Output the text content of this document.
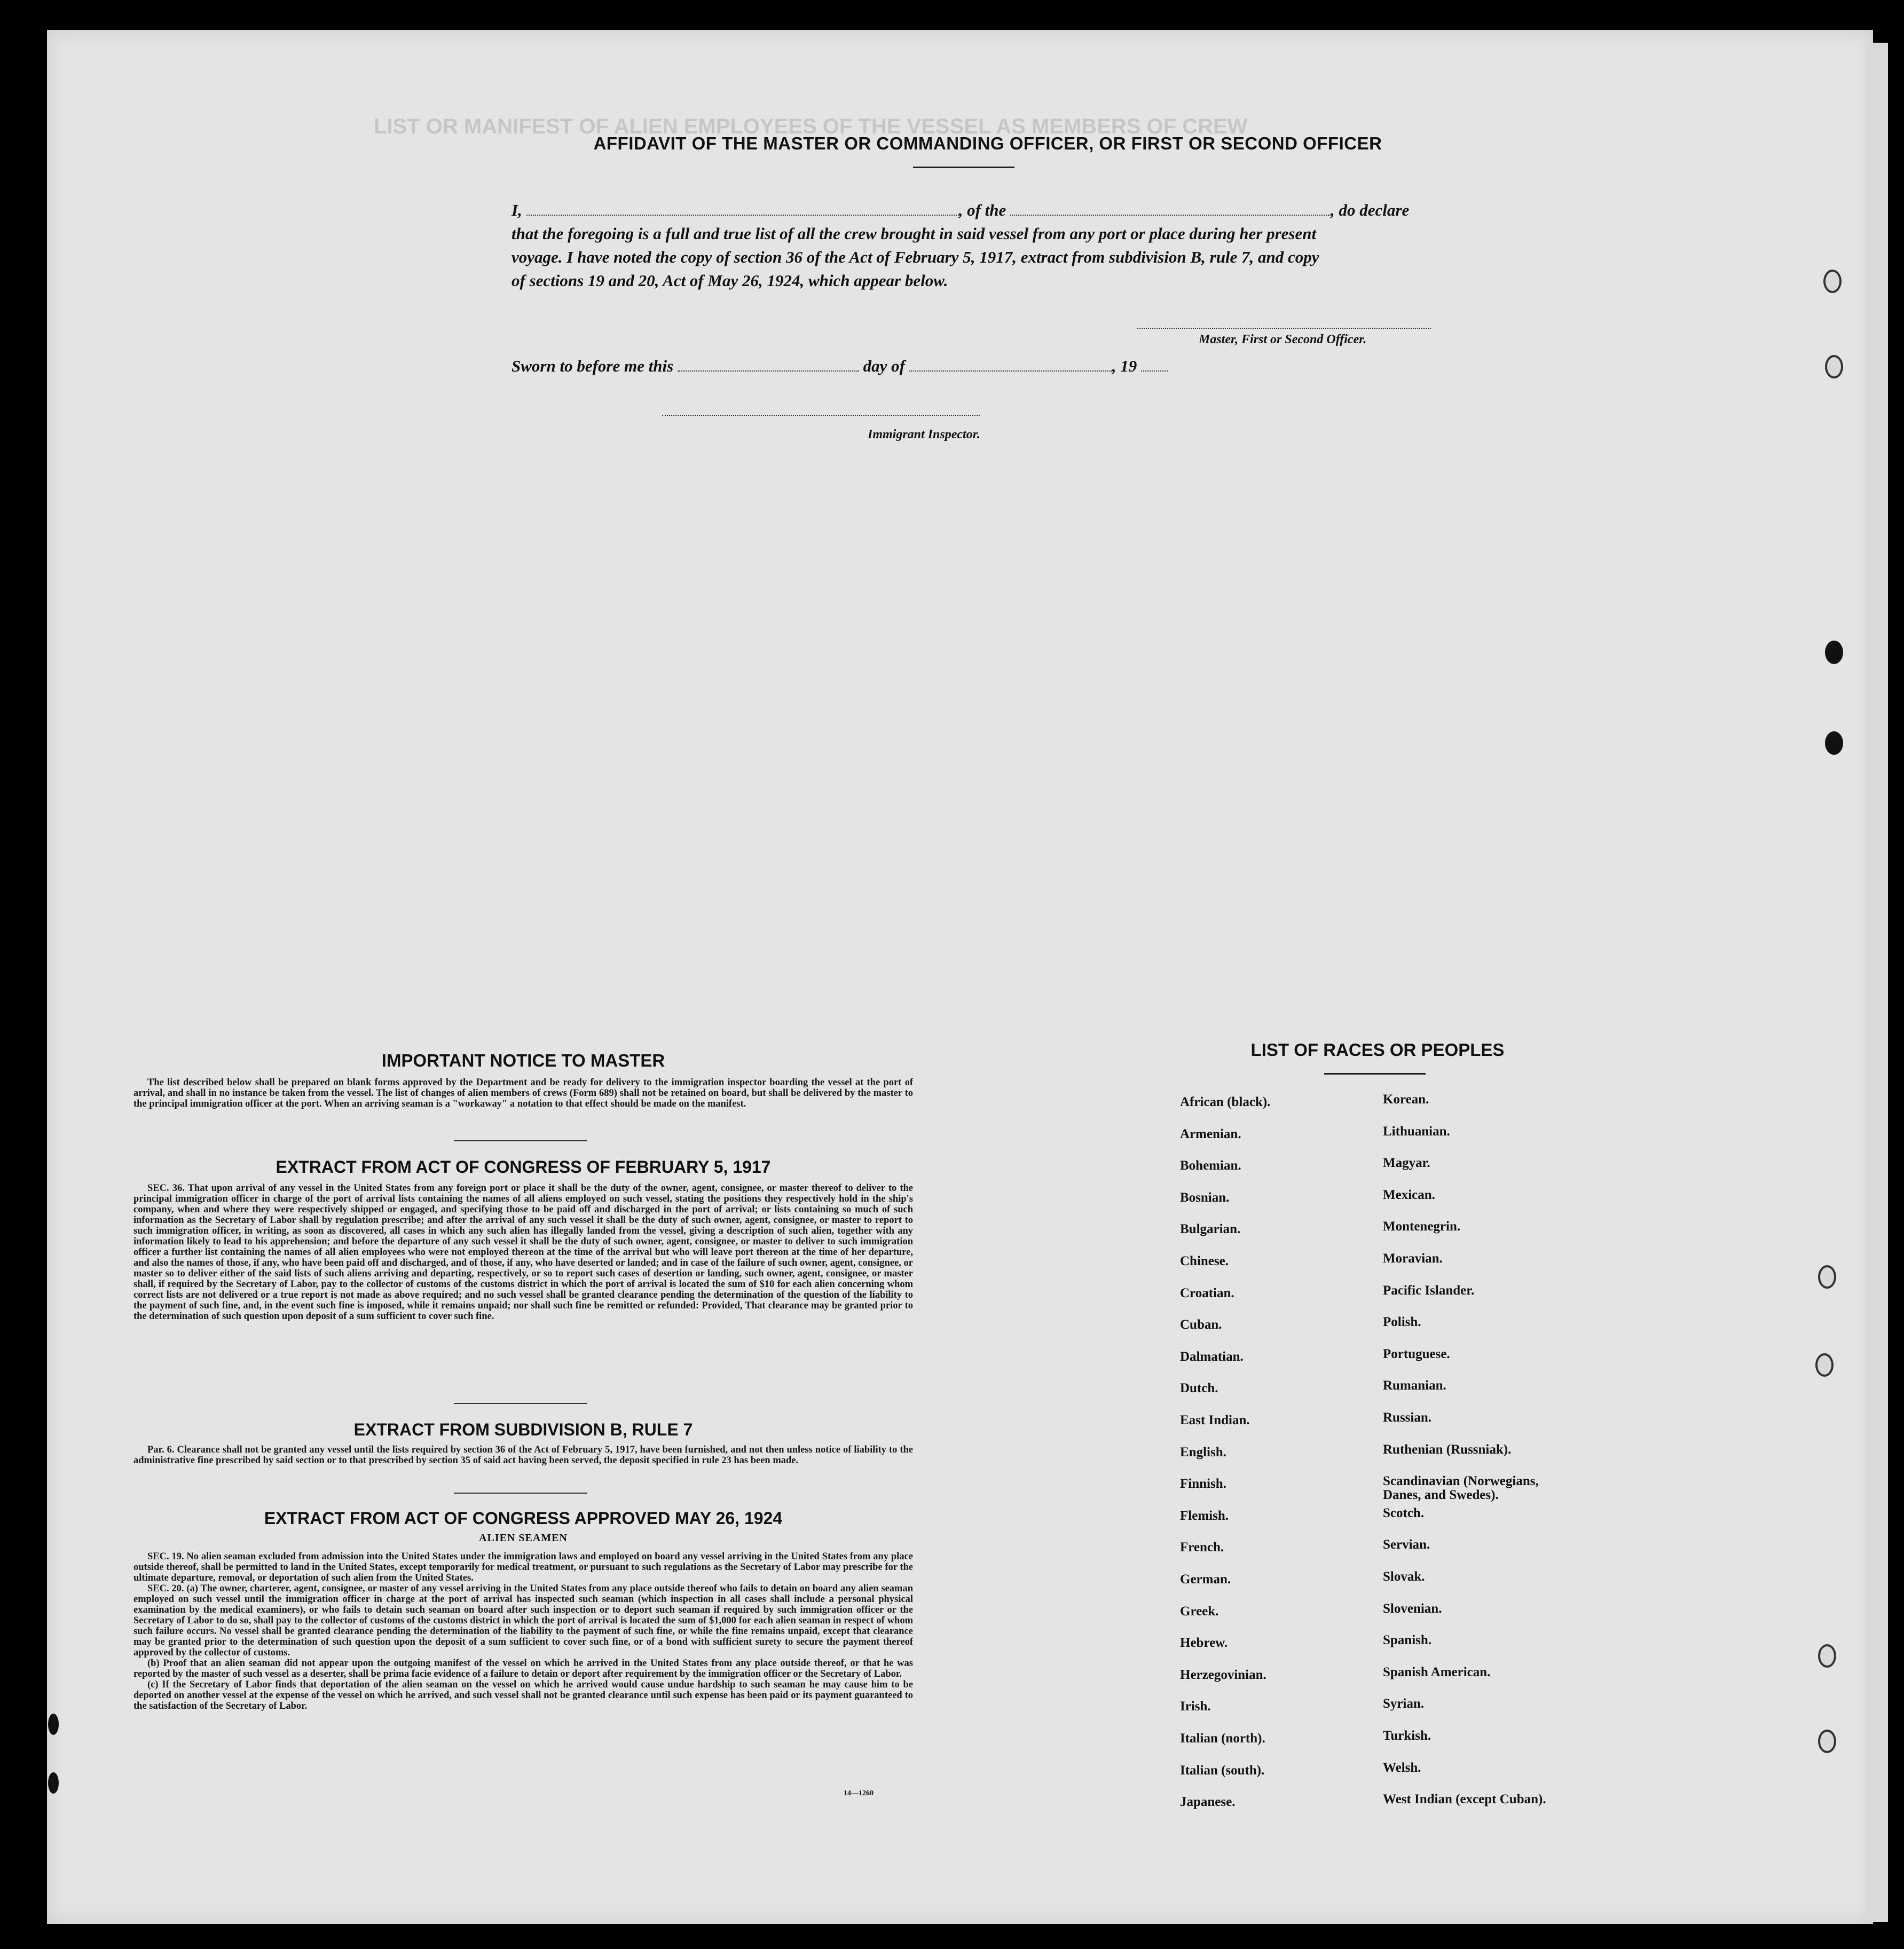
LIST OR MANIFEST OF ALIEN EMPLOYEES OF THE VESSEL AS MEMBERS OF CREW
AFFIDAVIT OF THE MASTER OR COMMANDING OFFICER, OR FIRST OR SECOND OFFICER
I,	, of the	, do declare
that the foregoing is a full and true list of all the crew brought in said vessel from any port or place during her present
voyage. I have noted the copy of section 36 of the Act of February 5, 1917, extract from subdivision B, rule 7, and copy
of sections 19 and 20, Act of May 26, 1924, which appear below.
Master, First or Second Officer.
Sworn to before me this	day of	, 19
Immigrant Inspector.
IMPORTANT NOTICE TO MASTER

The list described below shall be prepared on blank forms approved by the Department and be ready for delivery to the immigration inspector boarding the vessel at the port of arrival, and shall in no instance be taken from the vessel. The list of changes of alien members of crews (Form 689) shall not be retained on board, but shall be delivered by the master to the principal immigration officer at the port. When an arriving seaman is a "workaway" a notation to that effect should be made on the manifest.

EXTRACT FROM ACT OF CONGRESS OF FEBRUARY 5, 1917

SEC. 36. That upon arrival of any vessel in the United States from any foreign port or place it shall be the duty of the owner, agent, consignee, or master thereof to deliver to the principal immigration officer in charge of the port of arrival lists containing the names of all aliens employed on such vessel, stating the positions they respectively hold in the ship's company, when and where they were respectively shipped or engaged, and specifying those to be paid off and discharged in the port of arrival; or lists containing so much of such information as the Secretary of Labor shall by regulation prescribe; and after the arrival of any such vessel it shall be the duty of such owner, agent, consignee, or master to report to such immigration officer, in writing, as soon as discovered, all cases in which any such alien has illegally landed from the vessel, giving a description of such alien, together with any information likely to lead to his apprehension; and before the departure of any such vessel it shall be the duty of such owner, agent, consignee, or master to deliver to such immigration officer a further list containing the names of all alien employees who were not employed thereon at the time of the arrival but who will leave port thereon at the time of her departure, and also the names of those, if any, who have been paid off and discharged, and of those, if any, who have deserted or landed; and in case of the failure of such owner, agent, consignee, or master so to deliver either of the said lists of such aliens arriving and departing, respectively, or so to report such cases of desertion or landing, such owner, agent, consignee, or master shall, if required by the Secretary of Labor, pay to the collector of customs of the customs district in which the port of arrival is located the sum of $10 for each alien concerning whom correct lists are not delivered or a true report is not made as above required; and no such vessel shall be granted clearance pending the determination of the question of the liability to the payment of such fine, and, in the event such fine is imposed, while it remains unpaid; nor shall such fine be remitted or refunded: Provided, That clearance may be granted prior to the determination of such question upon deposit of a sum sufficient to cover such fine.

EXTRACT FROM SUBDIVISION B, RULE 7

Par. 6. Clearance shall not be granted any vessel until the lists required by section 36 of the Act of February 5, 1917, have been furnished, and not then unless notice of liability to the administrative fine prescribed by said section or to that prescribed by section 35 of said act having been served, the deposit specified in rule 23 has been made.

EXTRACT FROM ACT OF CONGRESS APPROVED MAY 26, 1924
ALIEN SEAMEN

SEC. 19. No alien seaman excluded from admission into the United States under the immigration laws and employed on board any vessel arriving in the United States from any place outside thereof, shall be permitted to land in the United States, except temporarily for medical treatment, or pursuant to such regulations as the Secretary of Labor may prescribe for the ultimate departure, removal, or deportation of such alien from the United States.

SEC. 20. (a) The owner, charterer, agent, consignee, or master of any vessel arriving in the United States from any place outside thereof who fails to detain on board any alien seaman employed on such vessel until the immigration officer in charge at the port of arrival has inspected such seaman (which inspection in all cases shall include a personal physical examination by the medical examiners), or who fails to detain such seaman on board after such inspection or to deport such seaman if required by such immigration officer or the Secretary of Labor to do so, shall pay to the collector of customs of the customs district in which the port of arrival is located the sum of $1,000 for each alien seaman in respect of whom such failure occurs. No vessel shall be granted clearance pending the determination of the liability to the payment of such fine, or while the fine remains unpaid, except that clearance may be granted prior to the determination of such question upon the deposit of a sum sufficient to cover such fine, or of a bond with sufficient surety to secure the payment thereof approved by the collector of customs.

(b) Proof that an alien seaman did not appear upon the outgoing manifest of the vessel on which he arrived in the United States from any place outside thereof, or that he was reported by the master of such vessel as a deserter, shall be prima facie evidence of a failure to detain or deport after requirement by the immigration officer or the Secretary of Labor.

(c) If the Secretary of Labor finds that deportation of the alien seaman on the vessel on which he arrived would cause undue hardship to such seaman he may cause him to be deported on another vessel at the expense of the vessel on which he arrived, and such vessel shall not be granted clearance until such expense has been paid or its payment guaranteed to the satisfaction of the Secretary of Labor.

14—1260
LIST OF RACES OR PEOPLES
African (black).
Armenian.
Bohemian.
Bosnian.
Bulgarian.
Chinese.
Croatian.
Cuban.
Dalmatian.
Dutch.
East Indian.
English.
Finnish.
Flemish.
French.
German.
Greek.
Hebrew.
Herzegovinian.
Irish.
Italian (north).
Italian (south).
Japanese.
Korean.
Lithuanian.
Magyar.
Mexican.
Montenegrin.
Moravian.
Pacific Islander.
Polish.
Portuguese.
Rumanian.
Russian.
Ruthenian (Russniak).
Scandinavian (Norwegians, Danes, and Swedes).
Scotch.
Servian.
Slovak.
Slovenian.
Spanish.
Spanish American.
Syrian.
Turkish.
Welsh.
West Indian (except Cuban).
